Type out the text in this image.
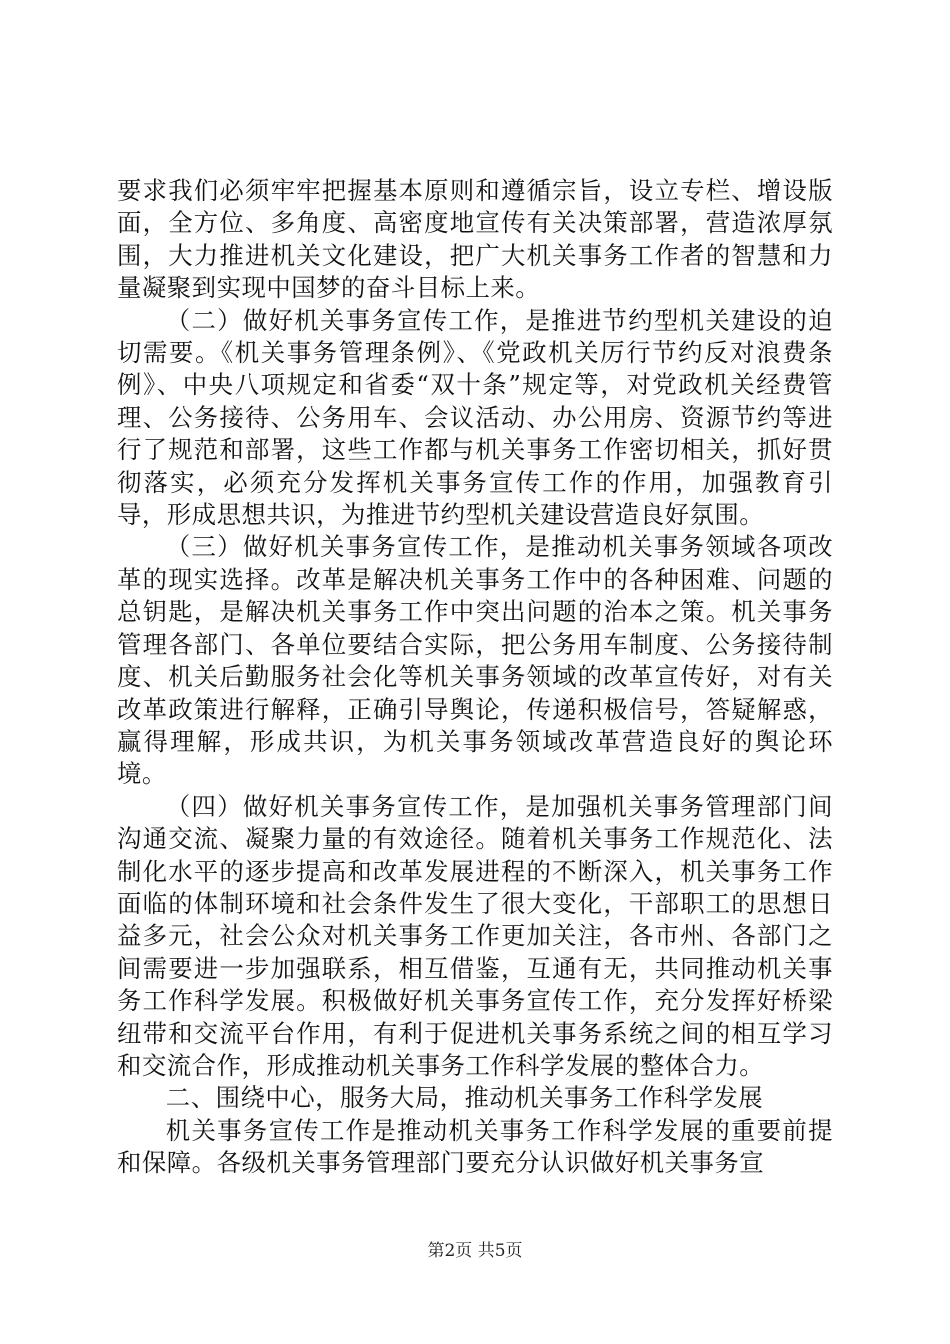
要求我们必须牢牢把握基本原则和遵循宗旨，设立专栏、增设版面，全方位、多角度、高密度地宣传有关决策部署，营造浓厚氛围，大力推进机关文化建设，把广大机关事务工作者的智慧和力量凝聚到实现中国梦的奋斗目标上来。

（二）做好机关事务宣传工作，是推进节约型机关建设的迫切需要。《机关事务管理条例》、《党政机关厉行节约反对浪费条例》、中央八项规定和省委“双十条”规定等，对党政机关经费管理、公务接待、公务用车、会议活动、办公用房、资源节约等进行了规范和部署，这些工作都与机关事务工作密切相关，抓好贯彻落实，必须充分发挥机关事务宣传工作的作用，加强教育引导，形成思想共识，为推进节约型机关建设营造良好氛围。

（三）做好机关事务宣传工作，是推动机关事务领域各项改革的现实选择。改革是解决机关事务工作中的各种困难、问题的总钥匙，是解决机关事务工作中突出问题的治本之策。机关事务管理各部门、各单位要结合实际，把公务用车制度、公务接待制度、机关后勤服务社会化等机关事务领域的改革宣传好，对有关改革政策进行解释，正确引导舆论，传递积极信号，答疑解惑，赢得理解，形成共识，为机关事务领域改革营造良好的舆论环境。

（四）做好机关事务宣传工作，是加强机关事务管理部门间沟通交流、凝聚力量的有效途径。随着机关事务工作规范化、法制化水平的逐步提高和改革发展进程的不断深入，机关事务工作面临的体制环境和社会条件发生了很大变化，干部职工的思想日益多元，社会公众对机关事务工作更加关注，各市州、各部门之间需要进一步加强联系，相互借鉴，互通有无，共同推动机关事务工作科学发展。积极做好机关事务宣传工作，充分发挥好桥梁纽带和交流平台作用，有利于促进机关事务系统之间的相互学习和交流合作，形成推动机关事务工作科学发展的整体合力。

二、围绕中心，服务大局，推动机关事务工作科学发展

机关事务宣传工作是推动机关事务工作科学发展的重要前提和保障。各级机关事务管理部门要充分认识做好机关事务宣

第2页 共5页
